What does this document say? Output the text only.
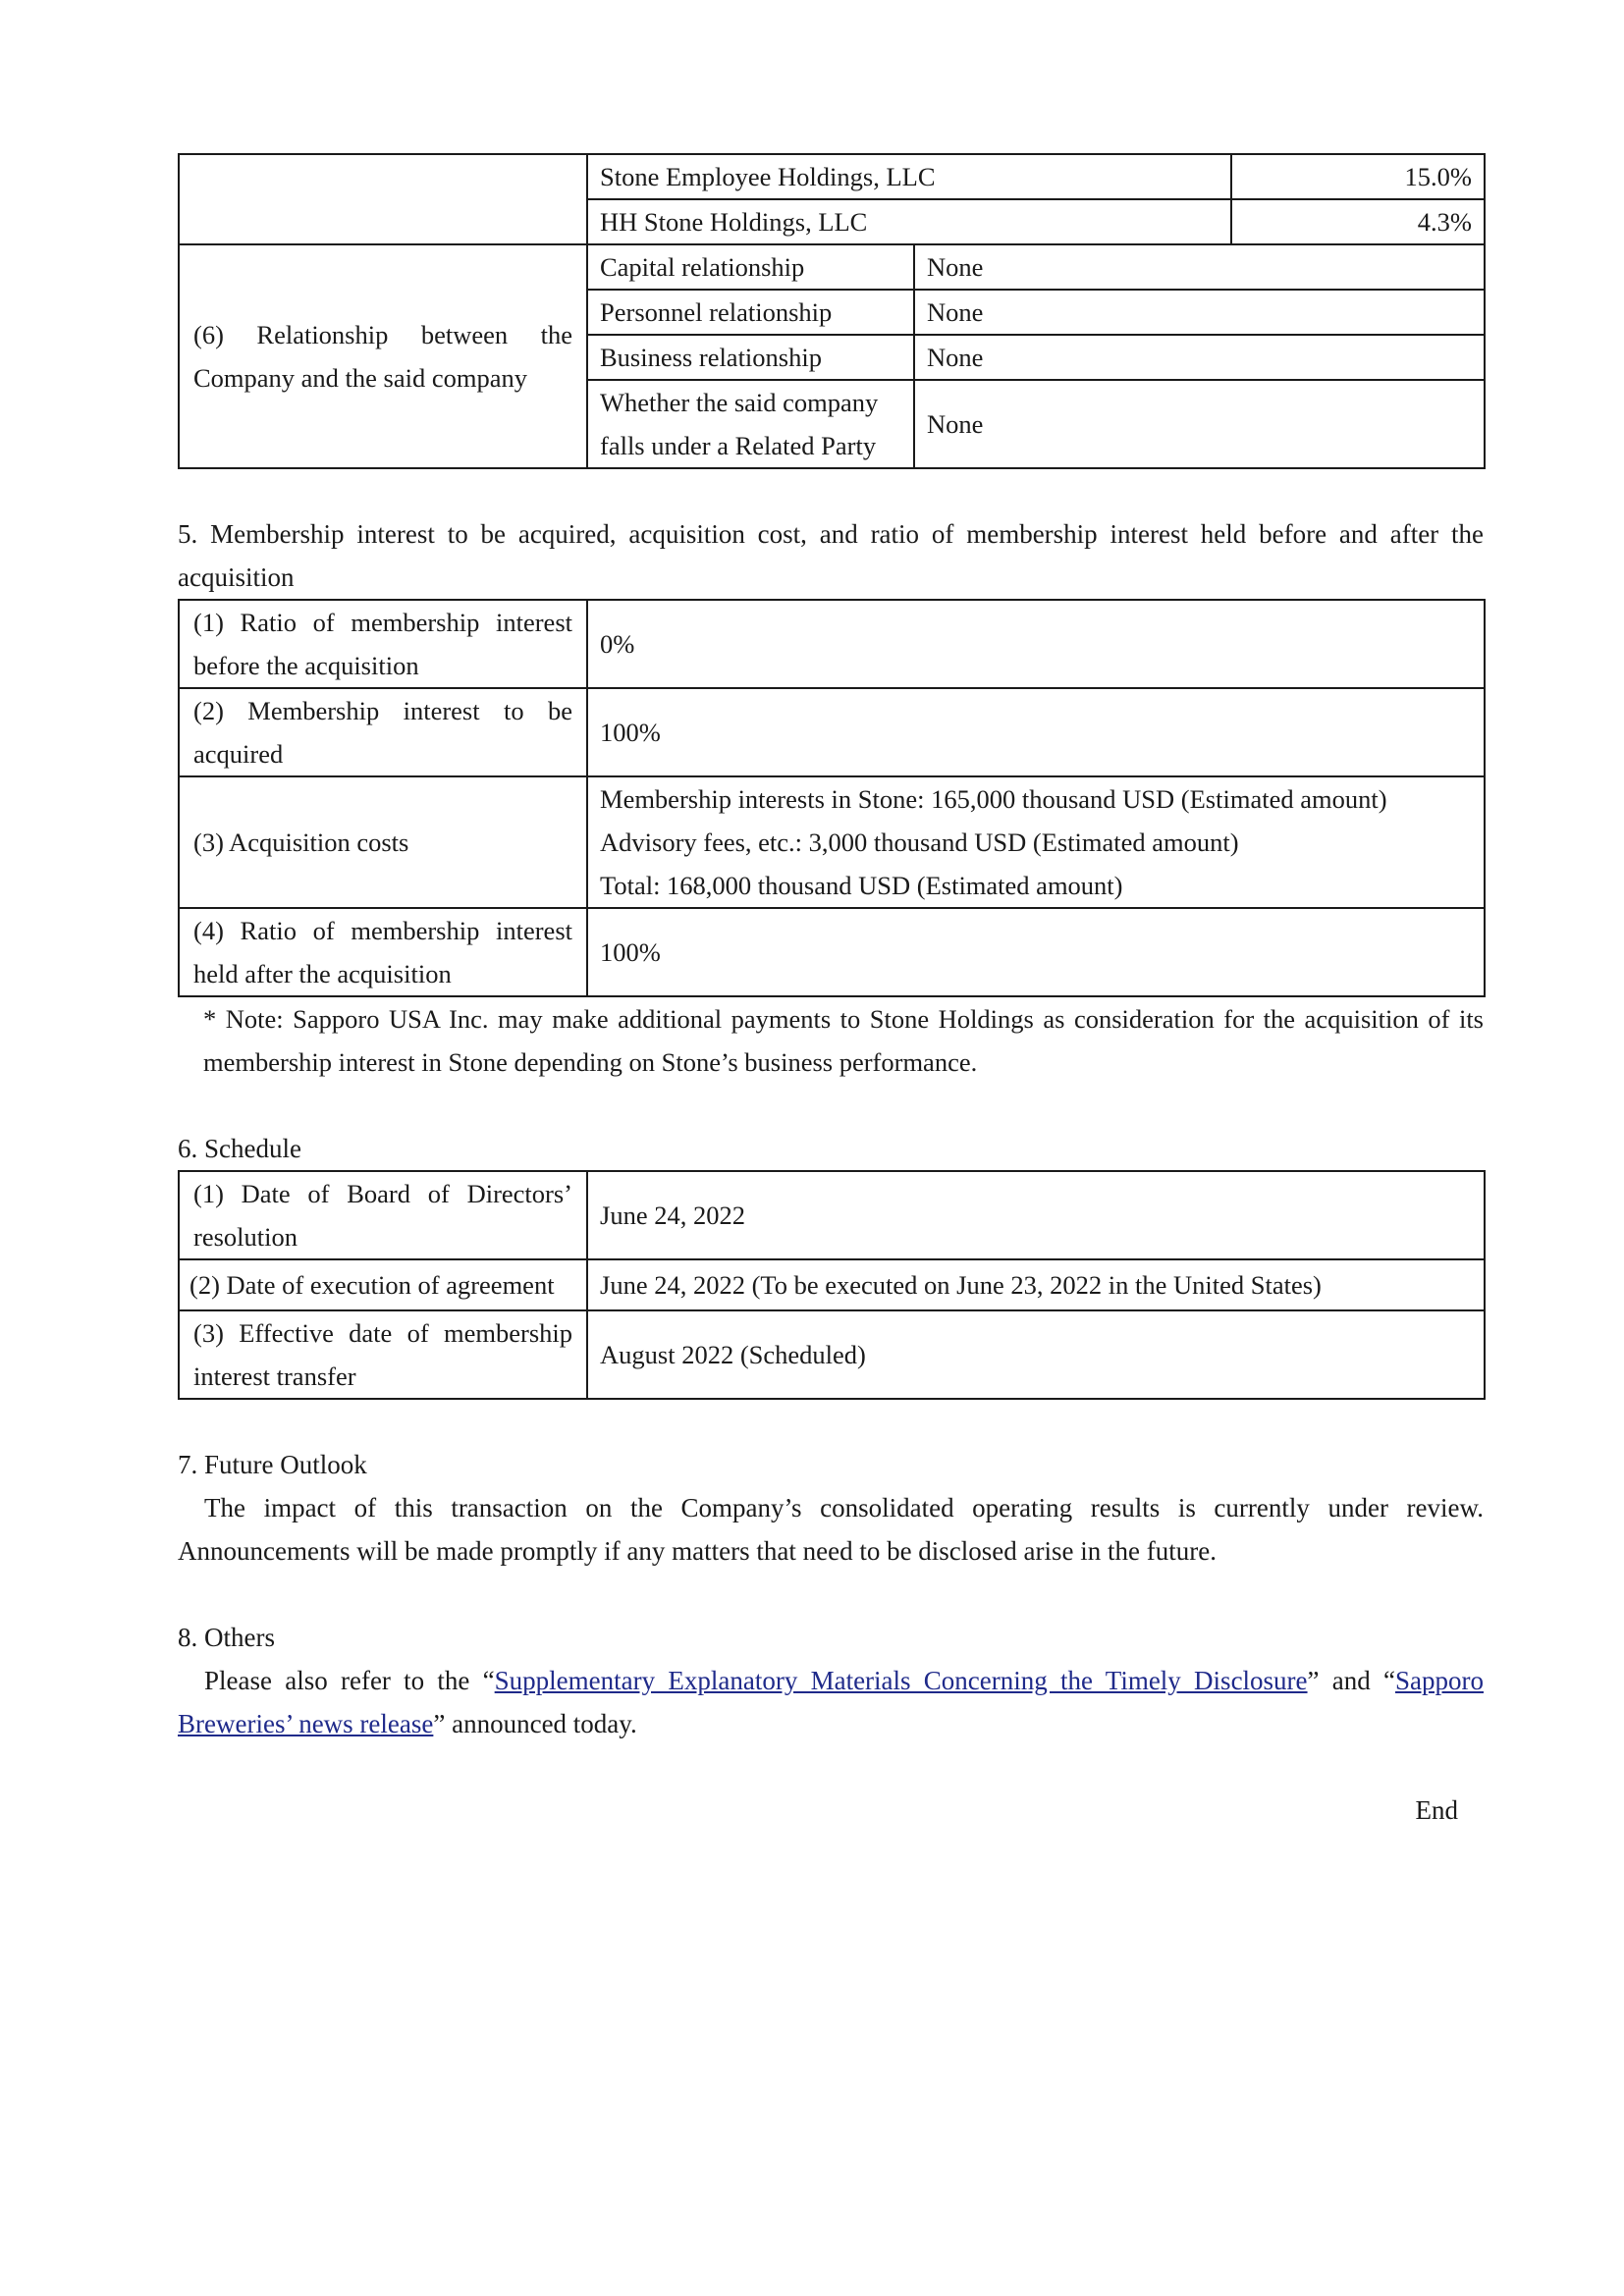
	Stone Employee Holdings, LLC		15.0%
	HH Stone Holdings, LLC		4.3%
(6) Relationship between the Company and the said company	Capital relationship	None	
	Personnel relationship	None	
	Business relationship	None	
	Whether the said company falls under a Related Party	None	

5. Membership interest to be acquired, acquisition cost, and ratio of membership interest held before and after the acquisition

(1) Ratio of membership interest before the acquisition	0%
(2) Membership interest to be acquired	100%
(3) Acquisition costs	Membership interests in Stone: 165,000 thousand USD (Estimated amount)
Advisory fees, etc.: 3,000 thousand USD (Estimated amount)
Total: 168,000 thousand USD (Estimated amount)

(4) Ratio of membership interest held after the acquisition	100%

* Note: Sapporo USA Inc. may make additional payments to Stone Holdings as consideration for the acquisition of its membership interest in Stone depending on Stone’s business performance.

6. Schedule

(1) Date of Board of Directors’ resolution	June 24, 2022
(2) Date of execution of agreement	June 24, 2022 (To be executed on June 23, 2022 in the United States)
(3) Effective date of membership interest transfer	August 2022 (Scheduled)

7. Future Outlook

The impact of this transaction on the Company’s consolidated operating results is currently under review. Announcements will be made promptly if any matters that need to be disclosed arise in the future.

8. Others

Please also refer to the “Supplementary Explanatory Materials Concerning the Timely Disclosure” and “Sapporo Breweries’ news release” announced today.

End
